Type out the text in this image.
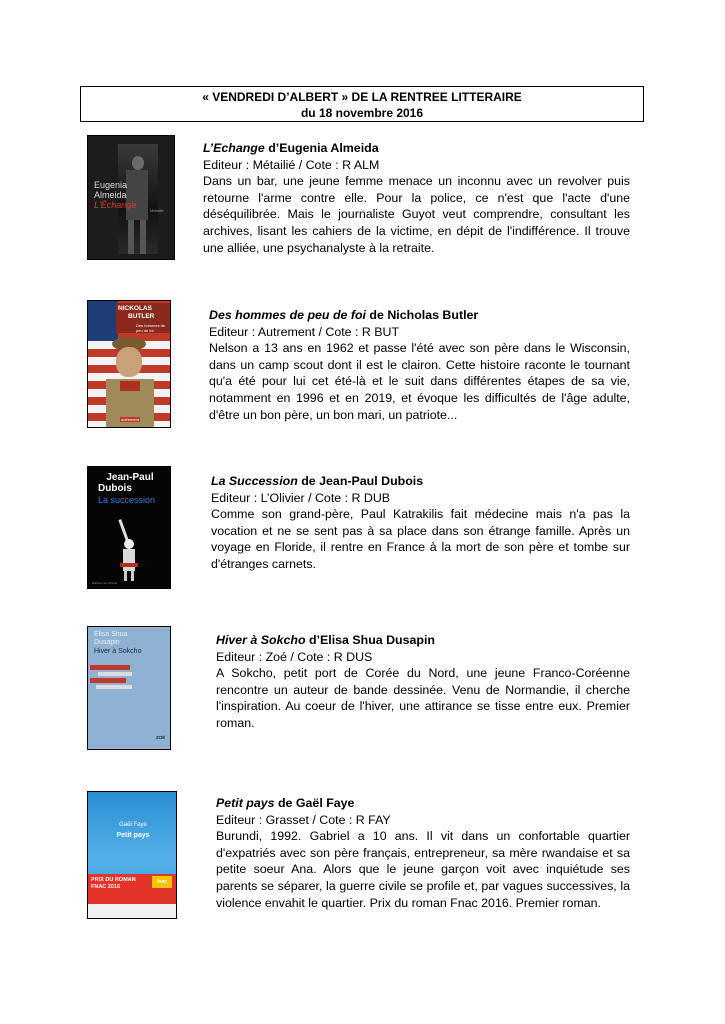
« VENDREDI D’ALBERT » DE LA RENTREE LITTERAIRE
du 18 novembre 2016
Eugenia
Almeida
L'Échange
Métailié
L’Echange d’Eugenia Almeida
Editeur : Métailié / Cote : R ALM
Dans un bar, une jeune femme menace un inconnu avec un revolver puis retourne l'arme contre elle. Pour la police, ce n'est que l'acte d'une déséquilibrée. Mais le journaliste Guyot veut comprendre, consultant les archives, lisant les cahiers de la victime, en dépit de l'indifférence. Il trouve une alliée, une psychanalyste à la retraite.
NICKOLAS
BUTLER
Des hommes de peu de foi
autrement
Des hommes de peu de foi de Nicholas Butler
Editeur : Autrement / Cote : R BUT
Nelson a 13 ans en 1962 et passe l'été avec son père dans le Wisconsin, dans un camp scout dont il est le clairon. Cette histoire raconte le tournant qu'a été pour lui cet été-là et le suit dans différentes étapes de sa vie, notamment en 1996 et en 2019, et évoque les difficultés de l'âge adulte, d'être un bon père, un bon mari, un patriote...
Jean-Paul
Dubois
La succession
Éditions de l'Olivier
La Succession de Jean-Paul Dubois
Editeur : L’Olivier / Cote : R DUB
Comme son grand-père, Paul Katrakilis fait médecine mais n'a pas la vocation et ne se sent pas à sa place dans son étrange famille. Après un voyage en Floride, il rentre en France à la mort de son père et tombe sur d'étranges carnets.
Elisa Shua
Dusapin
Hiver à Sokcho
ZOÉ
Hiver à Sokcho d’Elisa Shua Dusapin
Editeur : Zoé / Cote : R DUS
A Sokcho, petit port de Corée du Nord, une jeune Franco-Coréenne rencontre un auteur de bande dessinée. Venu de Normandie, il cherche l'inspiration. Au coeur de l'hiver, une attirance se tisse entre eux. Premier roman.
Gaël Faye
Petit pays
PRIX DU ROMAN FNAC 2016
fnac
Petit pays de Gaël Faye
Editeur : Grasset / Cote : R FAY
Burundi, 1992. Gabriel a 10 ans. Il vit dans un confortable quartier d'expatriés avec son père français, entrepreneur, sa mère rwandaise et sa petite soeur Ana. Alors que le jeune garçon voit avec inquiétude ses parents se séparer, la guerre civile se profile et, par vagues successives, la violence envahit le quartier. Prix du roman Fnac 2016. Premier roman.
